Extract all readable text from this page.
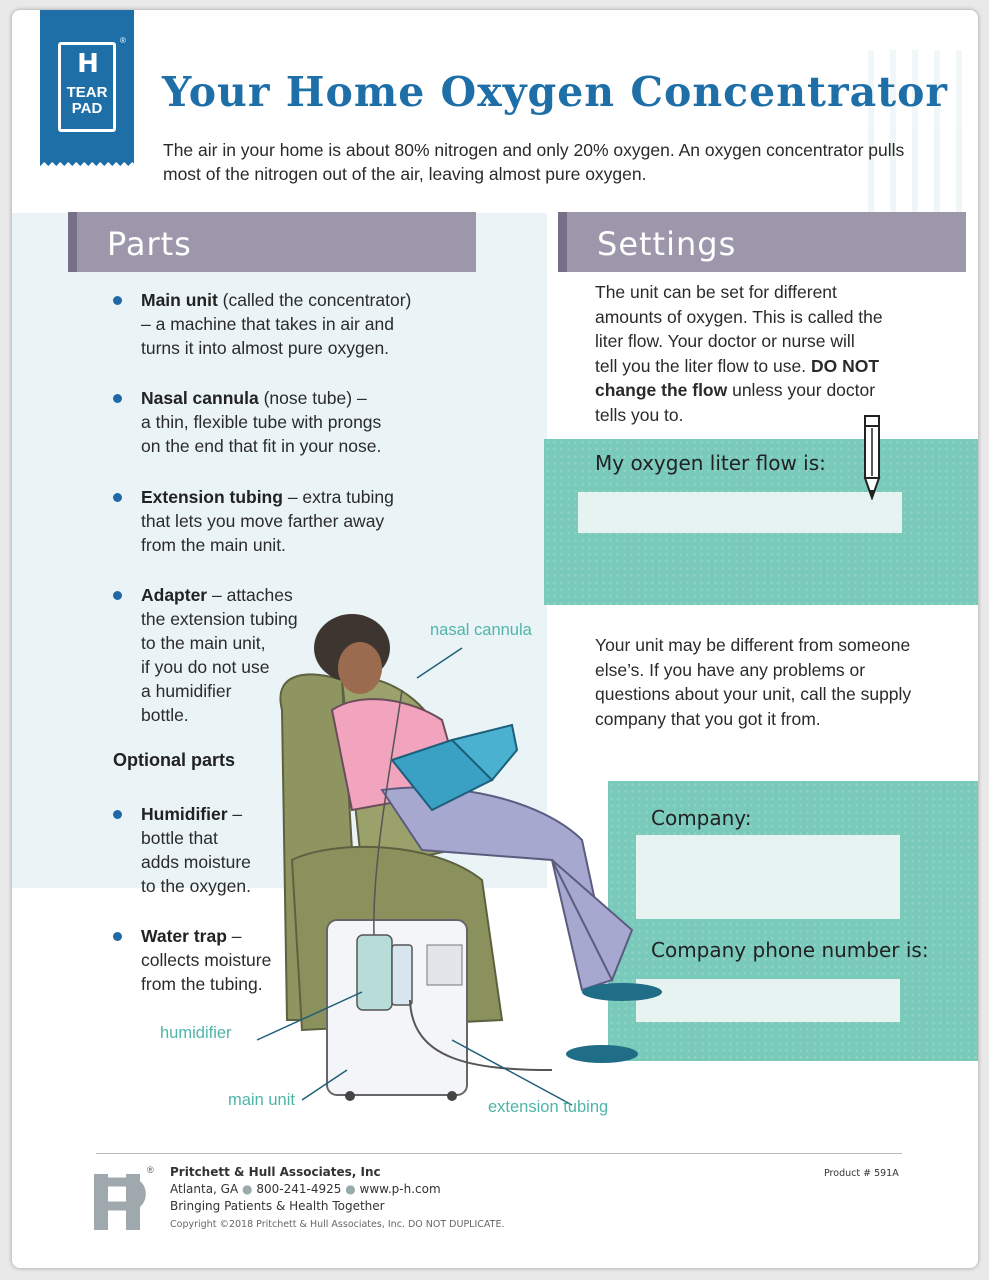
H
TEAR
PAD
®
Your Home Oxygen Concentrator
The air in your home is about 80% nitrogen and only 20% oxygen. An oxygen concentrator pulls most of the nitrogen out of the air, leaving almost pure oxygen.
Parts	Settings
Main unit (called the concentrator)
– a machine that takes in air and
turns it into almost pure oxygen.
Nasal cannula (nose tube) –
a thin, flexible tube with prongs
on the end that fit in your nose.
Extension tubing – extra tubing
that lets you move farther away
from the main unit.
Adapter – attaches
the extension tubing
to the main unit,
if you do not use
a humidifier
bottle.
Optional parts
Humidifier –
bottle that
adds moisture
to the oxygen.
Water trap –
collects moisture
from the tubing.
The unit can be set for different
amounts of oxygen. This is called the
liter flow. Your doctor or nurse will
tell you the liter flow to use. DO NOT
change the flow unless your doctor
tells you to.
My oxygen liter flow is:
Your unit may be different from someone else’s. If you have any problems or questions about your unit, call the supply company that you got it from.
Company:
Company phone number is:
nasal cannula
humidifier
main unit	extension tubing
® Pritchett & Hull Associates, Inc
Atlanta, GA ● 800-241-4925 ● www.p-h.com
Bringing Patients & Health Together
Copyright ©2018 Pritchett & Hull Associates, Inc. DO NOT DUPLICATE.
Product # 591A
